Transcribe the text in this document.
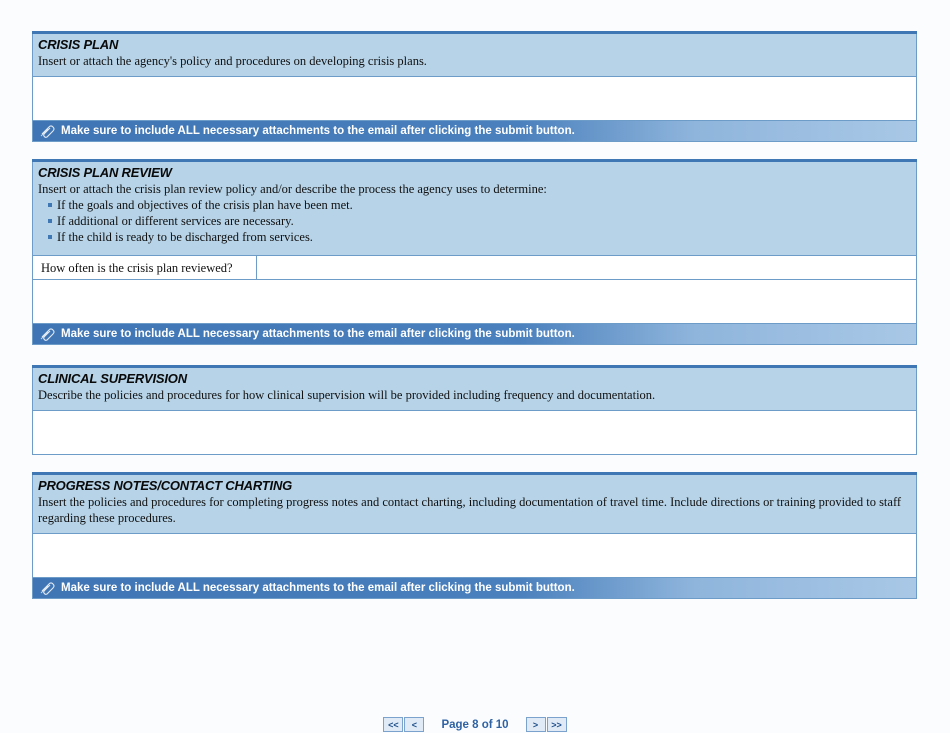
CRISIS PLAN
Insert or attach the agency's policy and procedures on developing crisis plans.
Make sure to include ALL necessary attachments to the email after clicking the submit button.
CRISIS PLAN REVIEW
Insert or attach the crisis plan review policy and/or describe the process the agency uses to determine:
If the goals and objectives of the crisis plan have been met.
If additional or different services are necessary.
If the child is ready to be discharged from services.
How often is the crisis plan reviewed?
Make sure to include ALL necessary attachments to the email after clicking the submit button.
CLINICAL SUPERVISION
Describe the policies and procedures for how clinical supervision will be provided including frequency and documentation.
PROGRESS NOTES/CONTACT CHARTING
Insert the policies and procedures for completing progress notes and contact charting, including documentation of travel time. Include directions or training provided to staff regarding these procedures.
Make sure to include ALL necessary attachments to the email after clicking the submit button.
<<	<	Page 8 of 10	>	>>
